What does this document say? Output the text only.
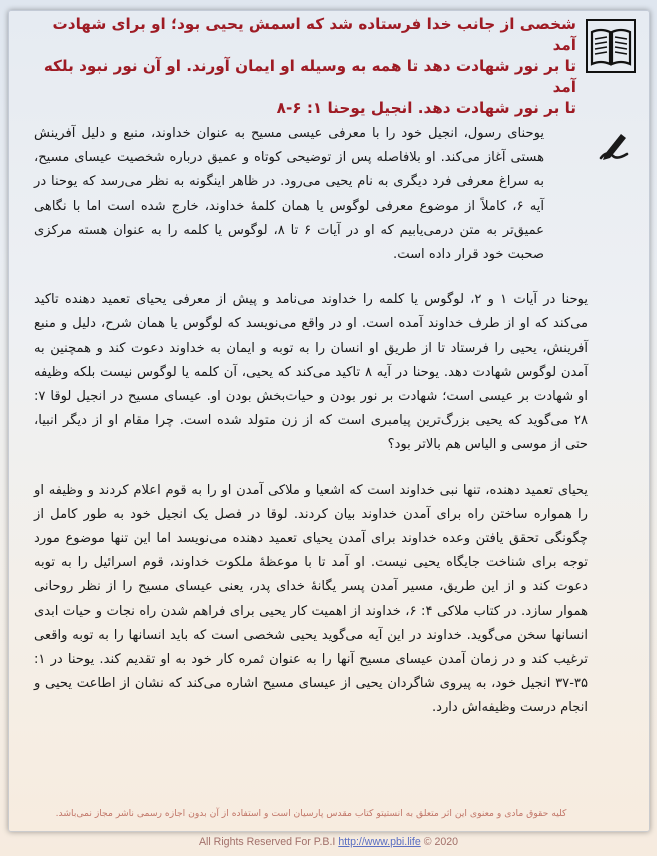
شخصی از جانب خدا فرستاده شد که اسمش یحیی بود؛ او برای شهادت آمد
تا بر نور شهادت دهد تا همه به وسیله او ایمان آورند. او آن نور نبود بلکه آمد
تا بر نور شهادت دهد. انجیل یوحنا ۱: ۶-۸

یوحنای رسول، انجیل خود را با معرفی عیسی مسیح به عنوان خداوند، منبع و دلیل آفرینش هستی آغاز می‌کند. او بلافاصله پس از توضیحی کوتاه و عمیق درباره شخصیت عیسای مسیح، به سراغ معرفی فرد دیگری به نام یحیی می‌رود. در ظاهر اینگونه به نظر می‌رسد که یوحنا در آیه ۶، کاملاً از موضوع معرفی لوگوس یا همان کلمهٔ خداوند، خارج شده است اما با نگاهی عمیق‌تر به متن درمی‌یابیم که او در آیات ۶ تا ۸، لوگوس یا کلمه را به عنوان هسته مرکزی صحبت خود قرار داده است.

یوحنا در آیات ۱ و ۲، لوگوس یا کلمه را خداوند می‌نامد و پیش از معرفی یحیای تعمید دهنده تاکید می‌کند که او از طرف خداوند آمده است. او در واقع می‌نویسد که لوگوس یا همان شرح، دلیل و منبع آفرینش، یحیی را فرستاد تا از طریق او انسان را به توبه و ایمان به خداوند دعوت کند و همچنین به آمدن لوگوس شهادت دهد. یوحنا در آیه ۸ تاکید می‌کند که یحیی، آن کلمه یا لوگوس نیست بلکه وظیفه او شهادت بر عیسی است؛ شهادت بر نور بودن و حیات‌بخش بودن او. عیسای مسیح در انجیل لوقا ۷: ۲۸ می‌گوید که یحیی بزرگ‌ترین پیامبری است که از زن متولد شده است. چرا مقام او از دیگر انبیا، حتی از موسی و الیاس هم بالاتر بود؟

یحیای تعمید دهنده، تنها نبی خداوند است که اشعیا و ملاکی آمدن او را به قوم اعلام کردند و وظیفه او را همواره ساختن راه برای آمدن خداوند بیان کردند. لوقا در فصل یک انجیل خود به طور کامل از چگونگی تحقق یافتن وعده خداوند برای آمدن یحیای تعمید دهنده می‌نویسد اما این تنها موضوع مورد توجه برای شناخت جایگاه یحیی نیست. او آمد تا با موعظهٔ ملکوت خداوند، قوم اسرائیل را به توبه دعوت کند و از این طریق، مسیر آمدن پسر یگانهٔ خدای پدر، یعنی عیسای مسیح را از نظر روحانی هموار سازد. در کتاب ملاکی ۴: ۶، خداوند از اهمیت کار یحیی برای فراهم شدن راه نجات و حیات ابدی انسانها سخن می‌گوید. خداوند در این آیه می‌گوید یحیی شخصی است که باید انسانها را به توبه واقعی ترغیب کند و در زمان آمدن عیسای مسیح آنها را به عنوان ثمره کار خود به او تقدیم کند. یوحنا در ۱: ۳۵-۳۷ انجیل خود، به پیروی شاگردان یحیی از عیسای مسیح اشاره می‌کند که نشان از اطاعت یحیی و انجام درست وظیفه‌اش دارد.

کلیه حقوق مادی و معنوی این اثر متعلق به انستیتو کتاب مقدس پارسیان است و استفاده از آن بدون اجازه رسمی ناشر مجاز نمی‌باشد.
All Rights Reserved For P.B.I http://www.pbi.life © 2020
